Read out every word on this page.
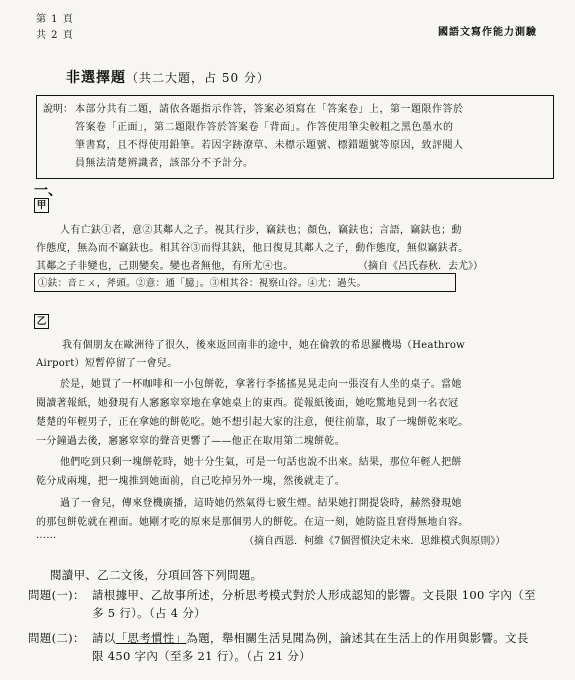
第 1 頁
共 2 頁	國語文寫作能力測驗
非選擇題（共二大題，占 50 分）
說明： 本部分共有二題，請依各題指示作答，答案必須寫在「答案卷」上，第一題限作答於
答案卷「正面」，第二題限作答於答案卷「背面」。作答使用筆尖較粗之黑色墨水的
筆書寫，且不得使用鉛筆。若因字跡潦草、未標示題號、標錯題號等原因，致評閱人
員無法清楚辨識者，該部分不予計分。
一、
甲
人有亡鈇①者，意②其鄰人之子。視其行步，竊鈇也；顏色，竊鈇也；言語，竊鈇也；動
作態度，無為而不竊鈇也。相其谷③而得其鈇，他日復見其鄰人之子，動作態度，無似竊鈇者。
其鄰之子非變也，己則變矣。變也者無他，有所尤④也。	（摘自《呂氏春秋．去尤》）
①鈇：音ㄈㄨ，斧頭。②意：通「臆」。③相其谷：視察山谷。④尤：過失。
乙
我有個朋友在歐洲待了很久，後來返回南非的途中，她在倫敦的希思羅機場（Heathrow
Airport）短暫停留了一會兒。
於是，她買了一杯咖啡和一小包餅乾，拿著行李搖搖晃晃走向一張沒有人坐的桌子。當她
閱讀著報紙，她發現有人窸窸窣窣地在拿她桌上的東西。從報紙後面，她吃驚地見到一名衣冠
楚楚的年輕男子，正在拿她的餅乾吃。她不想引起大家的注意，便往前靠，取了一塊餅乾來吃。
一分鐘過去後，窸窸窣窣的聲音更響了——他正在取用第二塊餅乾。
他們吃到只剩一塊餅乾時，她十分生氣，可是一句話也說不出來。結果，那位年輕人把餅
乾分成兩塊，把一塊推到她面前，自己吃掉另外一塊，然後就走了。
過了一會兒，傳來登機廣播，這時她仍然氣得七竅生煙。結果她打開提袋時，赫然發現她
的那包餅乾就在裡面。她剛才吃的原來是那個男人的餅乾。在這一刻，她防盜且窘得無地自容。
……
（摘自西恩．柯維《7個習慣決定未來．思維模式與原則》）
閱讀甲、乙二文後，分項回答下列問題。
問題(一)： 請根據甲、乙故事所述，分析思考模式對於人形成認知的影響。文長限 100 字內（至
多 5 行）。（占 4 分）
問題(二)： 請以「思考慣性」為題，舉相關生活見聞為例，論述其在生活上的作用與影響。文長
限 450 字內（至多 21 行）。（占 21 分）
